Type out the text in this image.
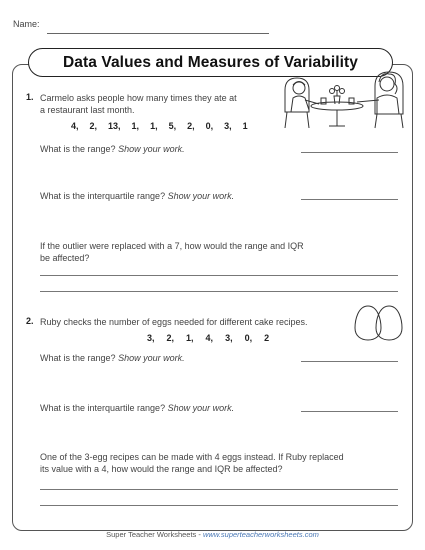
Name:
Data Values and Measures of Variability
1. Carmelo asks people how many times they ate at
a restaurant last month.
4, 2, 13, 1, 1, 5, 2, 0, 3, 1
What is the range? Show your work.
What is the interquartile range? Show your work.
If the outlier were replaced with a 7, how would the range and IQR
be affected?
2. Ruby checks the number of eggs needed for different cake recipes.
3, 2, 1, 4, 3, 0, 2
What is the range? Show your work.
What is the interquartile range? Show your work.
One of the 3-egg recipes can be made with 4 eggs instead. If Ruby replaced
its value with a 4, how would the range and IQR be affected?
Super Teacher Worksheets - www.superteacherworksheets.com
